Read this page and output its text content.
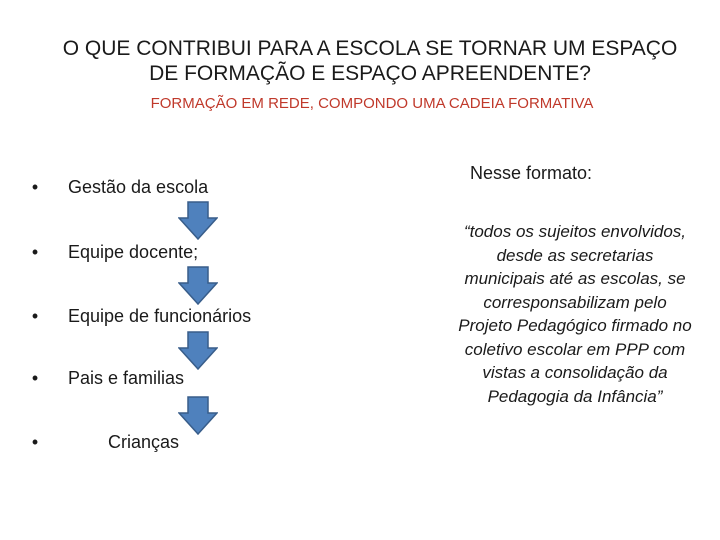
O QUE CONTRIBUI PARA A ESCOLA SE TORNAR UM ESPAÇO DE FORMAÇÃO E ESPAÇO APREENDENTE?
FORMAÇÃO EM REDE, COMPONDO UMA CADEIA FORMATIVA
• Gestão da escola
• Equipe docente;
• Equipe de funcionários
• Pais e familias
•	Crianças
Nesse formato:
“todos os sujeitos envolvidos, desde as secretarias municipais até as escolas, se corresponsabilizam pelo Projeto Pedagógico firmado no coletivo escolar em PPP com vistas a consolidação da Pedagogia da Infância”
